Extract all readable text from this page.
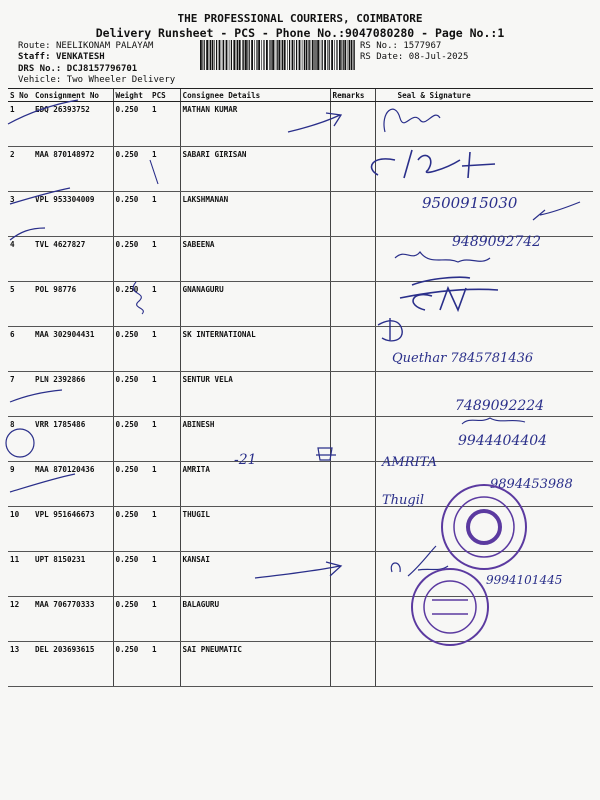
THE PROFESSIONAL COURIERS, COIMBATORE
Delivery Runsheet - PCS - Phone No.:9047080280 - Page No.:1
Route: NEELIKONAM PALAYAM
Staff: VENKATESH
DRS No.: DCJ8157796701
Vehicle: Two Wheeler Delivery
RS No.: 1577967
RS Date: 08-Jul-2025
S No	Consignment No	Weight	PCS	Consignee Details	Remarks	Seal & Signature
1	EDQ 26393752	0.250	1	MATHAN KUMAR		
2	MAA 870148972	0.250	1	SABARI GIRISAN		
3	VPL 953304009	0.250	1	LAKSHMANAN		
4	TVL 4627827	0.250	1	SABEENA		
5	POL 98776	0.250	1	GNANAGURU		
6	MAA 302904431	0.250	1	SK INTERNATIONAL		
7	PLN 2392866	0.250	1	SENTUR VELA		
8	VRR 1785486	0.250	1	ABINESH		
9	MAA 870120436	0.250	1	AMRITA		
10	VPL 951646673	0.250	1	THUGIL		
11	UPT 8150231	0.250	1	KANSAI		
12	MAA 706770333	0.250	1	BALAGURU		
13	DEL 203693615	0.250	1	SAI PNEUMATIC		
9500915030
9489092742
Quethar 7845781436
7489092224
-21	AMRITA
9944404404
9894453988
Thugil
9994101445
